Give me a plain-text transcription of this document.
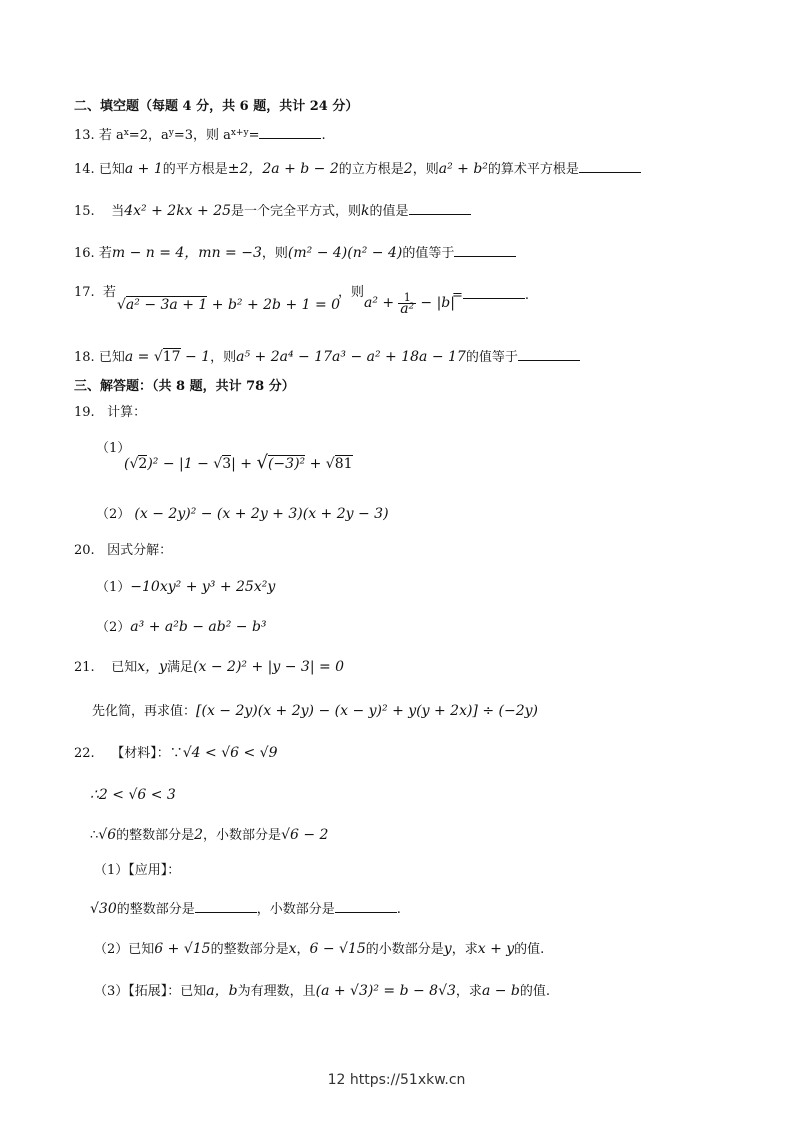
二、填空题（每题 4 分，共 6 题，共计 24 分）
13. 若 $a^x=2$，$a^y=3$，则 $a^{x+y}=$	.
14. 已知a + 1的平方根是±2，2a + b − 2的立方根是2，则a² + b²的算术平方根是
15. 当4x² + 2kx + 25是一个完全平方式，则k的值是
16. 若m − n = 4，mn = −3，则(m² − 4)(n² − 4)的值等于
17. 若
√a² − 3a + 1 + b² + 2b + 1 = 0
，则
$a^2 + \frac{1}{\text{a²}} - |b|$
=	.
18. 已知a = √17 − 1，则a⁵ + 2a⁴ − 17a³ − a² + 18a − 17的值等于
三、解答题：（共 8 题，共计 78 分）
19. 计算：
（1）
(√2)² − |1 − √3| + √(−3)² + √81
（2） (x − 2y)² − (x + 2y + 3)(x + 2y − 3)
20. 因式分解：
（1）−10xy² + y³ + 25x²y
（2）a³ + a²b − ab² − b³
21. 已知x，y满足(x − 2)² + |y − 3| = 0
先化简，再求值：[(x − 2y)(x + 2y) − (x − y)² + y(y + 2x)] ÷ (−2y)
22. 【材料】：∵√4 < √6 < √9
∴2 < √6 < 3
∴√6的整数部分是2，小数部分是√6 − 2
（1）【应用】：
√30的整数部分是	，小数部分是	.
（2）已知6 + √15的整数部分是x，6 − √15的小数部分是y，求x + y的值.
（3）【拓展】：已知a，b为有理数，且(a + √3)² = b − 8√3，求a − b的值.
12 https://51xkw.cn
